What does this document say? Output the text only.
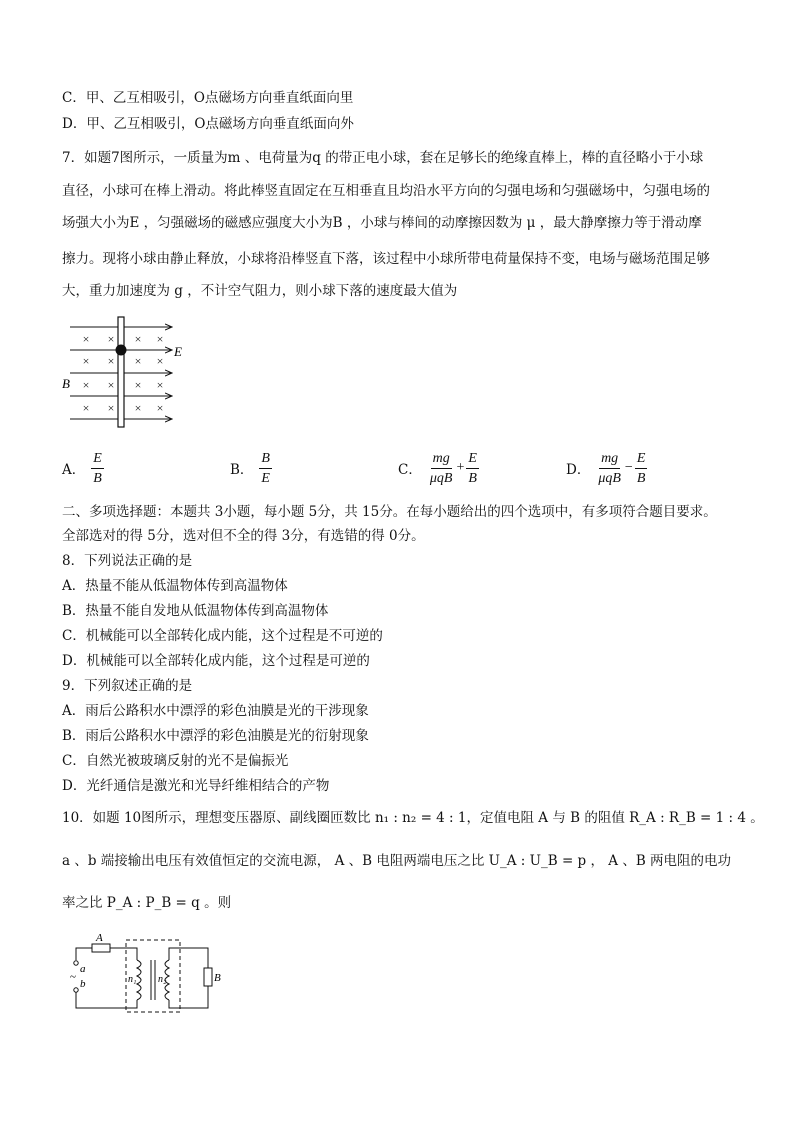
C．甲、乙互相吸引，O点磁场方向垂直纸面向里
D．甲、乙互相吸引，O点磁场方向垂直纸面向外
7．如题7图所示，一质量为m 、电荷量为q 的带正电小球，套在足够长的绝缘直棒上，棒的直径略小于小球
直径，小球可在棒上滑动。将此棒竖直固定在互相垂直且均沿水平方向的匀强电场和匀强磁场中，匀强电场的
场强大小为E ，匀强磁场的磁感应强度大小为B ，小球与棒间的动摩擦因数为 μ ，最大静摩擦力等于滑动摩
擦力。现将小球由静止释放，小球将沿棒竖直下落，该过程中小球所带电荷量保持不变，电场与磁场范围足够
大，重力加速度为 g ，不计空气阻力，则小球下落的速度最大值为
× × × ×
× × × ×
× × × ×
× × × ×
E
B
A． $\frac{E}{B}$	B． $\frac{B}{E}$	C． $\frac{mg}{\text{μqB}} + \frac{E}{B}$	D． $\frac{mg}{\text{μqB}} - \frac{E}{B}$
二、多项选择题：本题共 3小题，每小题 5分，共 15分。在每小题给出的四个选项中，有多项符合题目要求。
全部选对的得 5分，选对但不全的得 3分，有选错的得 0分。
8．下列说法正确的是
A．热量不能从低温物体传到高温物体
B．热量不能自发地从低温物体传到高温物体
C．机械能可以全部转化成内能，这个过程是不可逆的
D．机械能可以全部转化成内能，这个过程是可逆的
9．下列叙述正确的是
A．雨后公路积水中漂浮的彩色油膜是光的干涉现象
B．雨后公路积水中漂浮的彩色油膜是光的衍射现象
C．自然光被玻璃反射的光不是偏振光
D．光纤通信是激光和光导纤维相结合的产物
10．如题 10图所示，理想变压器原、副线圈匝数比 n₁ : n₂ = 4 : 1，定值电阻 A 与 B 的阻值 R_A : R_B = 1 : 4 。
a 、b 端接输出电压有效值恒定的交流电源， A 、B 电阻两端电压之比 U_A : U_B = p ， A 、B 两电阻的电功
率之比 P_A : P_B = q 。则
A
a
~
b	n₁ n₂	B
